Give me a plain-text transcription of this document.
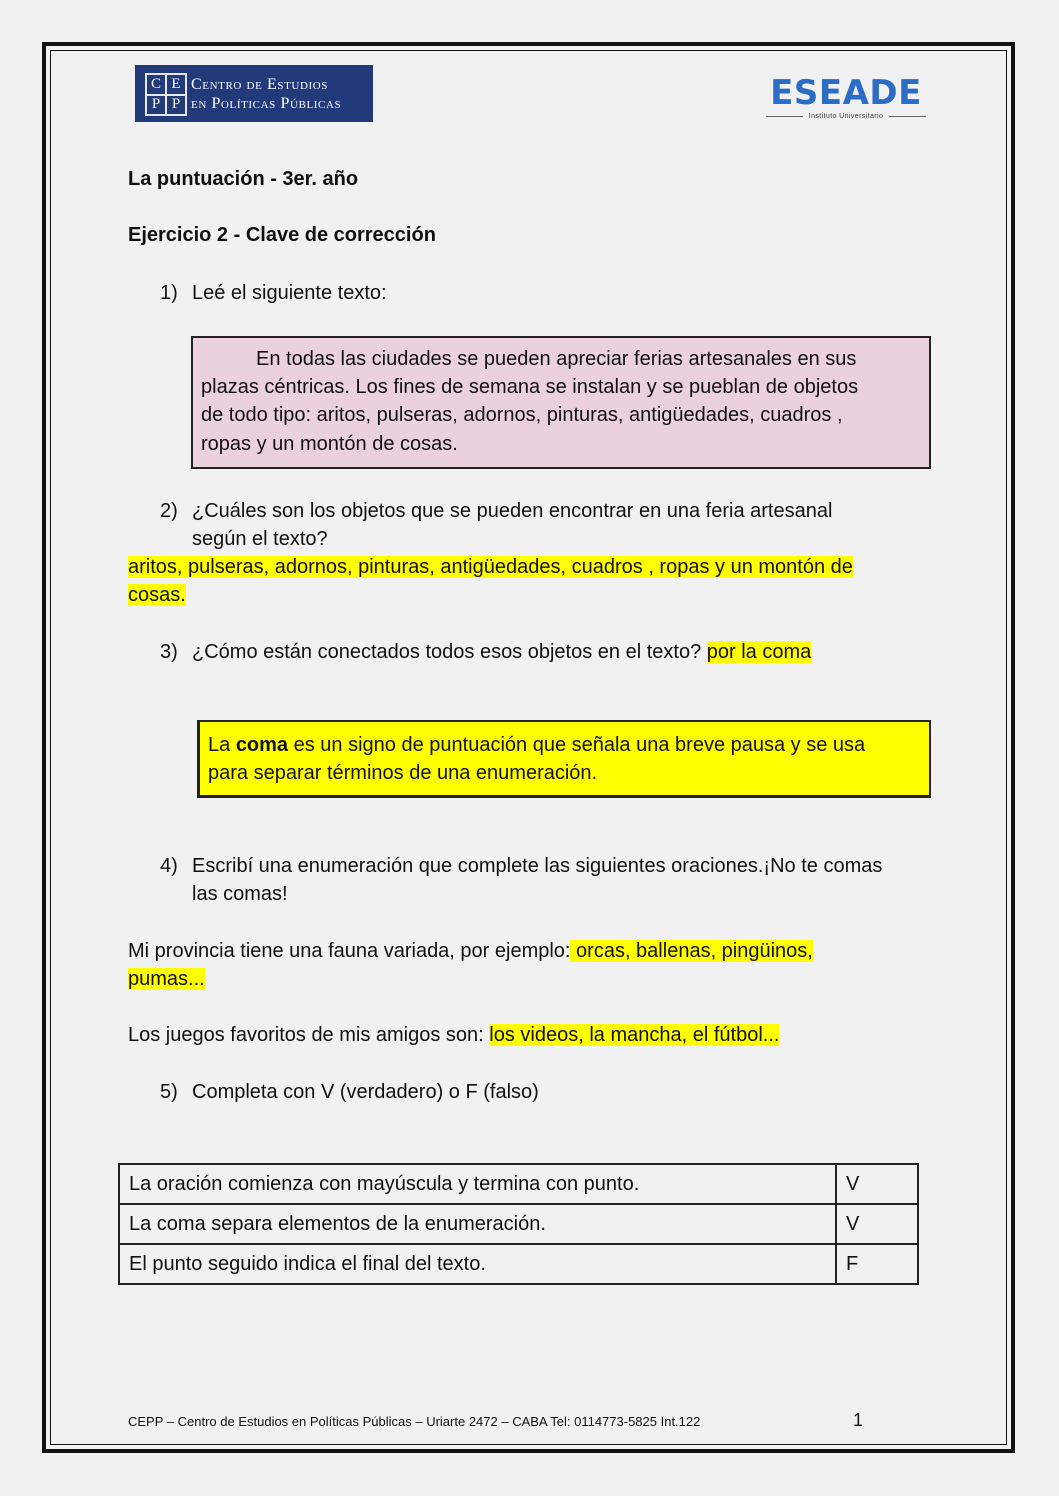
C E
P P
Centro de Estudios
en Políticas Públicas	ESEADE
Instituto Universitario
La puntuación - 3er. año
Ejercicio 2 - Clave de corrección
1) Leé el siguiente texto:
En todas las ciudades se pueden apreciar ferias artesanales en sus
plazas céntricas. Los fines de semana se instalan y se pueblan de objetos
de todo tipo: aritos, pulseras, adornos, pinturas, antigüedades, cuadros ,
ropas y un montón de cosas.
2) ¿Cuáles son los objetos que se pueden encontrar en una feria artesanal
según el texto?
aritos, pulseras, adornos, pinturas, antigüedades, cuadros , ropas y un montón de
cosas.
3) ¿Cómo están conectados todos esos objetos en el texto? por la coma
La coma es un signo de puntuación que señala una breve pausa y se usa
para separar términos de una enumeración.
4) Escribí una enumeración que complete las siguientes oraciones.¡No te comas
las comas!
Mi provincia tiene una fauna variada, por ejemplo: orcas, ballenas, pingüinos,
pumas...
Los juegos favoritos de mis amigos son: los videos, la mancha, el fútbol...
5) Completa con V (verdadero) o F (falso)
La oración comienza con mayúscula y termina con punto.	V
La coma separa elementos de la enumeración.	V
El punto seguido indica el final del texto.	F
CEPP – Centro de Estudios en Políticas Públicas – Uriarte 2472 – CABA Tel: 0114773-5825 Int.122	1
